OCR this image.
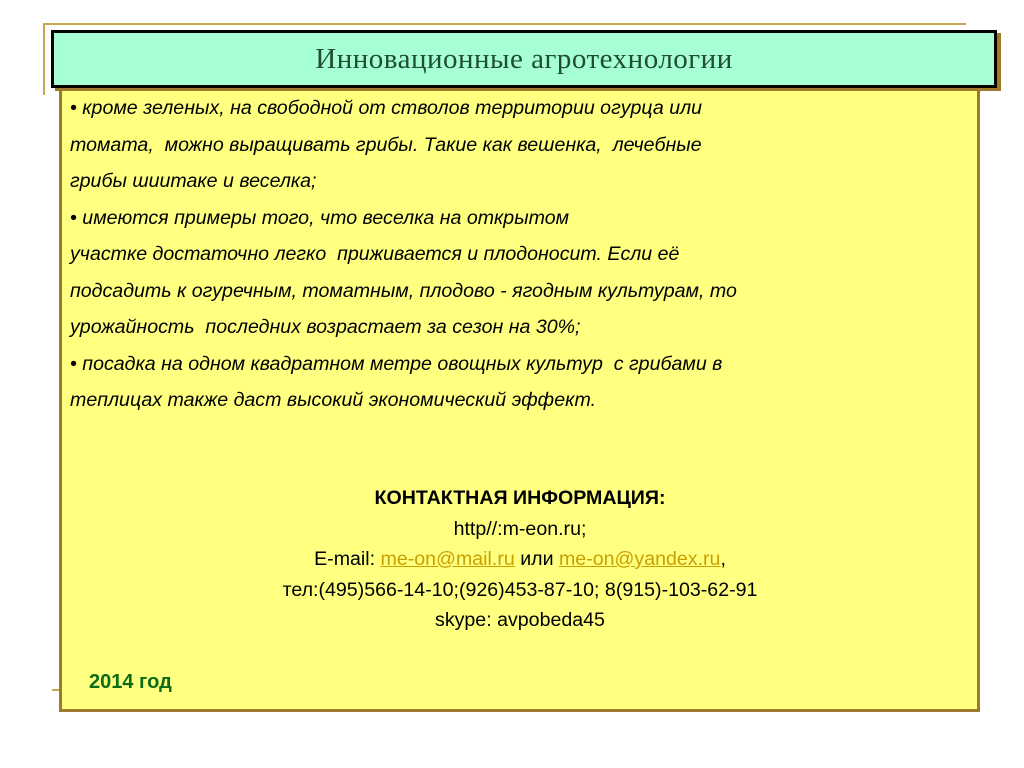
Инновационные агротехнологии

• кроме зеленых, на свободной от стволов территории огурца или

томата,  можно выращивать грибы. Такие как вешенка,  лечебные

грибы шиитаке и веселка;

• имеются примеры того, что веселка на открытом

участке достаточно легко  приживается и плодоносит. Если её

подсадить к огуречным, томатным, плодово - ягодным культурам, то

урожайность  последних возрастает за сезон на 30%;

• посадка на одном квадратном метре овощных культур  с грибами в

теплицах также даст высокий экономический эффект.

КОНТАКТНАЯ ИНФОРМАЦИЯ:
http//:m-eon.ru;
E-mail: me-on@mail.ru или me-on@yandex.ru,
тел:(495)566-14-10;(926)453-87-10; 8(915)-103-62-91
skype: avpobeda45
2014 год
